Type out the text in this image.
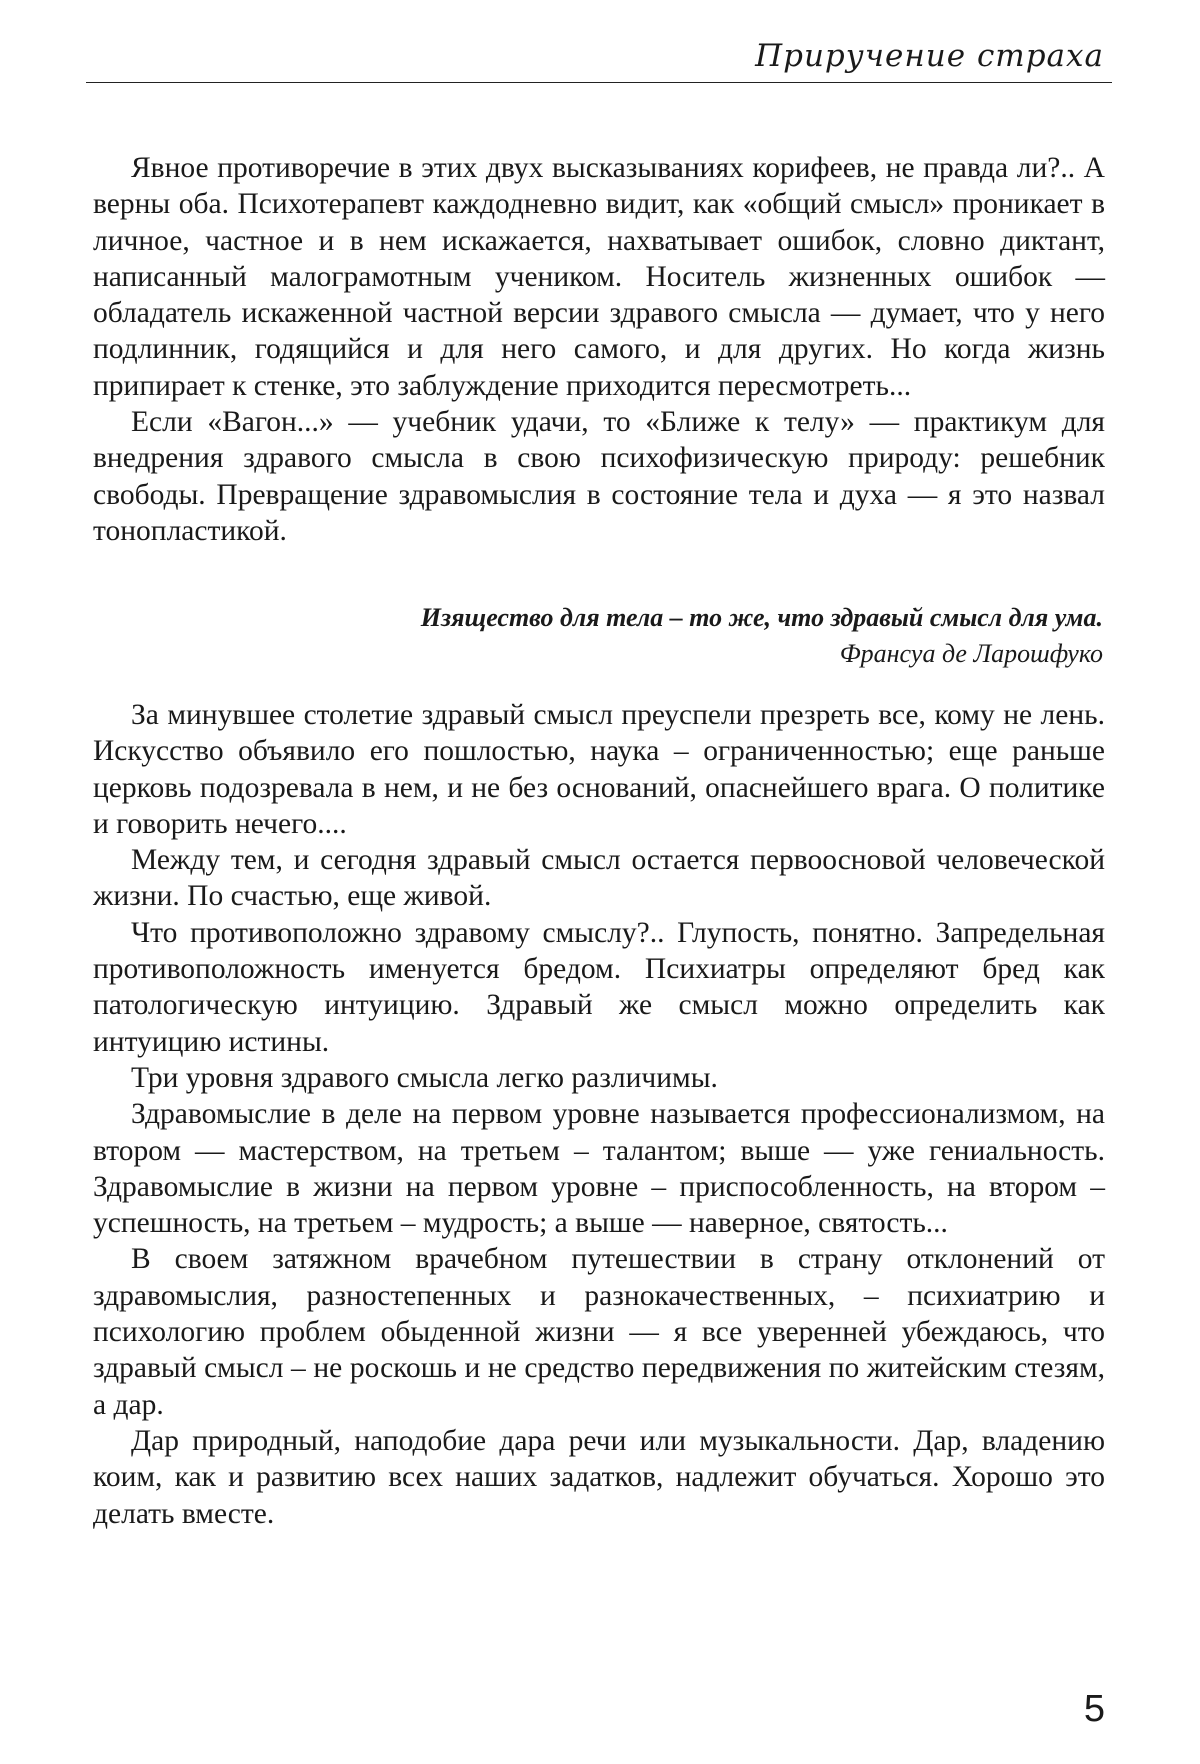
Приручение страха

Явное противоречие в этих двух высказываниях корифеев, не правда ли?.. А верны оба. Психотерапевт каждодневно видит, как «общий смысл» проникает в личное, частное и в нем искажается, нахватывает ошибок, словно диктант, написанный малограмотным учеником. Носитель жизненных ошибок — обладатель искаженной частной версии здравого смысла — думает, что у него подлинник, годящийся и для него самого, и для других. Но когда жизнь припирает к стенке, это заблуждение приходится пересмотреть...

Если «Вагон...» — учебник удачи, то «Ближе к телу» — практикум для внедрения здравого смысла в свою психофизическую природу: решебник свободы. Превращение здравомыслия в состояние тела и духа — я это назвал тонопластикой.

Изящество для тела – то же, что здравый смысл для ума.
Франсуа де Ларошфуко

За минувшее столетие здравый смысл преуспели презреть все, кому не лень. Искусство объявило его пошлостью, наука – ограниченностью; еще раньше церковь подозревала в нем, и не без оснований, опаснейшего врага. О политике и говорить нечего....

Между тем, и сегодня здравый смысл остается первоосновой человеческой жизни. По счастью, еще живой.

Что противоположно здравому смыслу?.. Глупость, понятно. Запредельная противоположность именуется бредом. Психиатры определяют бред как патологическую интуицию. Здравый же смысл можно определить как интуицию истины.

Три уровня здравого смысла легко различимы.

Здравомыслие в деле на первом уровне называется профессионализмом, на втором — мастерством, на третьем – талантом; выше — уже гениальность. Здравомыслие в жизни на первом уровне – приспособленность, на втором – успешность, на третьем – мудрость; а выше — наверное, святость...

В своем затяжном врачебном путешествии в страну отклонений от здравомыслия, разностепенных и разнокачественных, – психиатрию и психологию проблем обыденной жизни — я все уверенней убеждаюсь, что здравый смысл – не роскошь и не средство передвижения по житейским стезям, а дар.

Дар природный, наподобие дара речи или музыкальности. Дар, владению коим, как и развитию всех наших задатков, надлежит обучаться. Хорошо это делать вместе.

5
